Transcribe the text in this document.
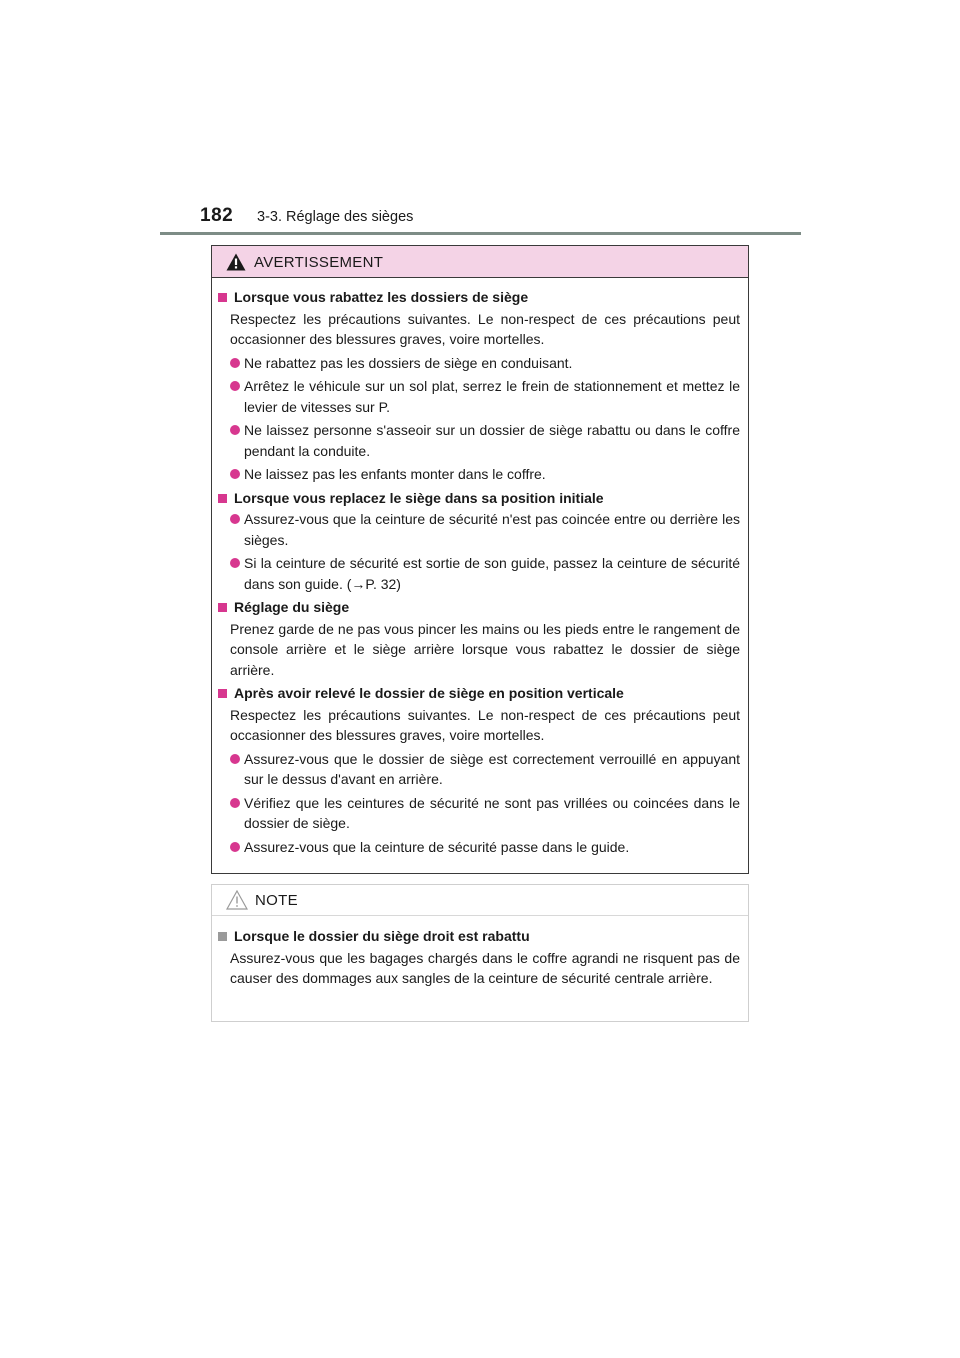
182 3-3. Réglage des sièges
AVERTISSEMENT
Lorsque vous rabattez les dossiers de siège
Respectez les précautions suivantes. Le non-respect de ces précautions peut occasionner des blessures graves, voire mortelles.
Ne rabattez pas les dossiers de siège en conduisant.
Arrêtez le véhicule sur un sol plat, serrez le frein de stationnement et mettez le levier de vitesses sur P.
Ne laissez personne s'asseoir sur un dossier de siège rabattu ou dans le coffre pendant la conduite.
Ne laissez pas les enfants monter dans le coffre.
Lorsque vous replacez le siège dans sa position initiale
Assurez-vous que la ceinture de sécurité n'est pas coincée entre ou derrière les sièges.
Si la ceinture de sécurité est sortie de son guide, passez la ceinture de sécurité dans son guide. (→P. 32)
Réglage du siège
Prenez garde de ne pas vous pincer les mains ou les pieds entre le rangement de console arrière et le siège arrière lorsque vous rabattez le dossier de siège arrière.
Après avoir relevé le dossier de siège en position verticale
Respectez les précautions suivantes. Le non-respect de ces précautions peut occasionner des blessures graves, voire mortelles.
Assurez-vous que le dossier de siège est correctement verrouillé en appuyant sur le dessus d'avant en arrière.
Vérifiez que les ceintures de sécurité ne sont pas vrillées ou coincées dans le dossier de siège.
Assurez-vous que la ceinture de sécurité passe dans le guide.
NOTE
Lorsque le dossier du siège droit est rabattu
Assurez-vous que les bagages chargés dans le coffre agrandi ne risquent pas de causer des dommages aux sangles de la ceinture de sécurité centrale arrière.
